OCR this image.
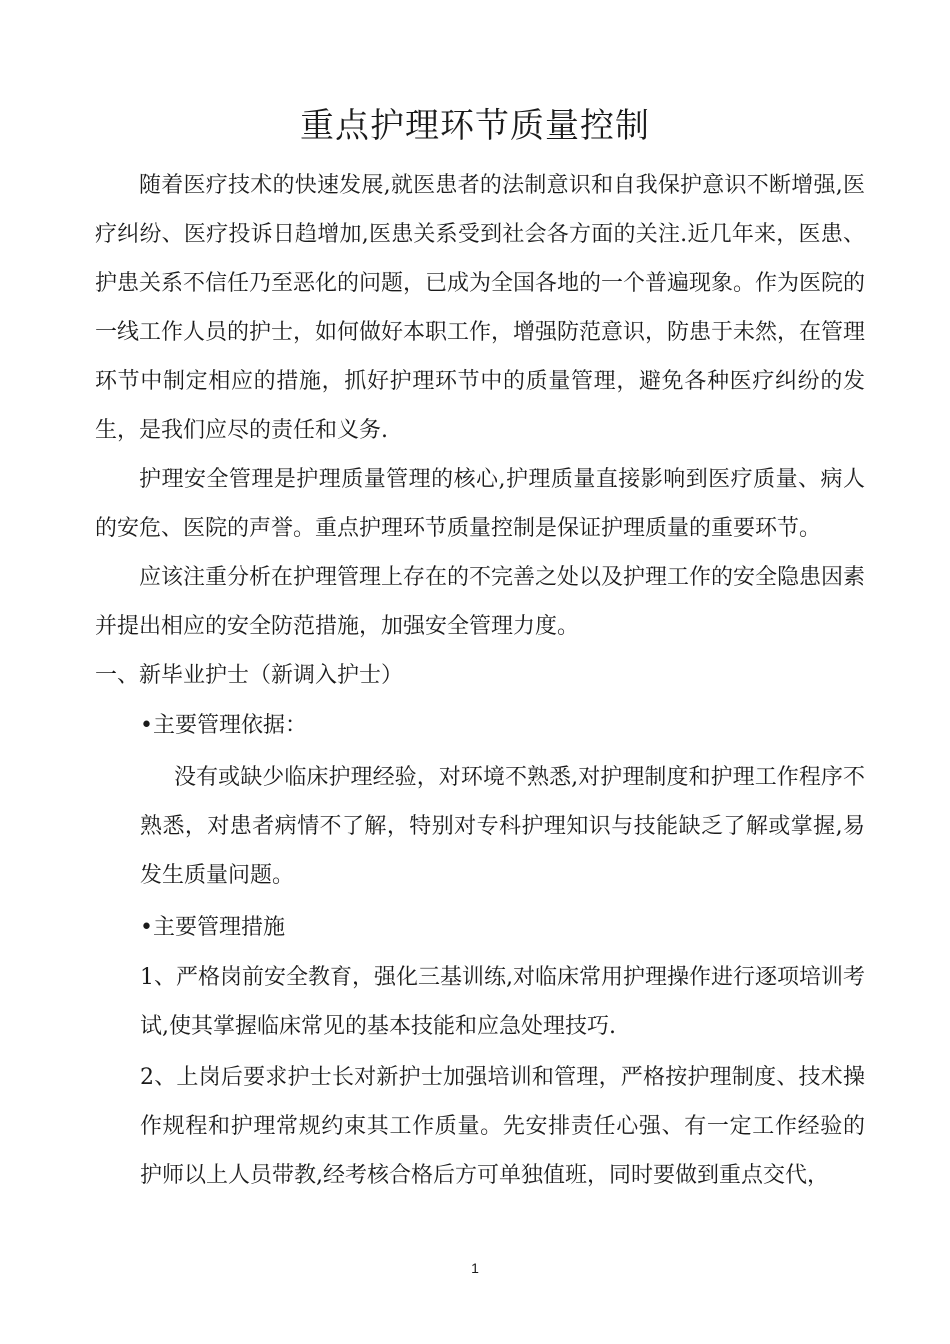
重点护理环节质量控制

随着医疗技术的快速发展,就医患者的法制意识和自我保护意识不断增强,医疗纠纷、医疗投诉日趋增加,医患关系受到社会各方面的关注.近几年来，医患、护患关系不信任乃至恶化的问题，已成为全国各地的一个普遍现象。作为医院的一线工作人员的护士，如何做好本职工作，增强防范意识，防患于未然，在管理环节中制定相应的措施，抓好护理环节中的质量管理，避免各种医疗纠纷的发生，是我们应尽的责任和义务.

护理安全管理是护理质量管理的核心,护理质量直接影响到医疗质量、病人的安危、医院的声誉。重点护理环节质量控制是保证护理质量的重要环节。

应该注重分析在护理管理上存在的不完善之处以及护理工作的安全隐患因素并提出相应的安全防范措施，加强安全管理力度。

一、新毕业护士（新调入护士）

•主要管理依据：

没有或缺少临床护理经验，对环境不熟悉,对护理制度和护理工作程序不熟悉，对患者病情不了解，特别对专科护理知识与技能缺乏了解或掌握,易发生质量问题。

•主要管理措施

1、严格岗前安全教育，强化三基训练,对临床常用护理操作进行逐项培训考试,使其掌握临床常见的基本技能和应急处理技巧.

2、上岗后要求护士长对新护士加强培训和管理，严格按护理制度、技术操作规程和护理常规约束其工作质量。先安排责任心强、有一定工作经验的护师以上人员带教,经考核合格后方可单独值班，同时要做到重点交代，

1
